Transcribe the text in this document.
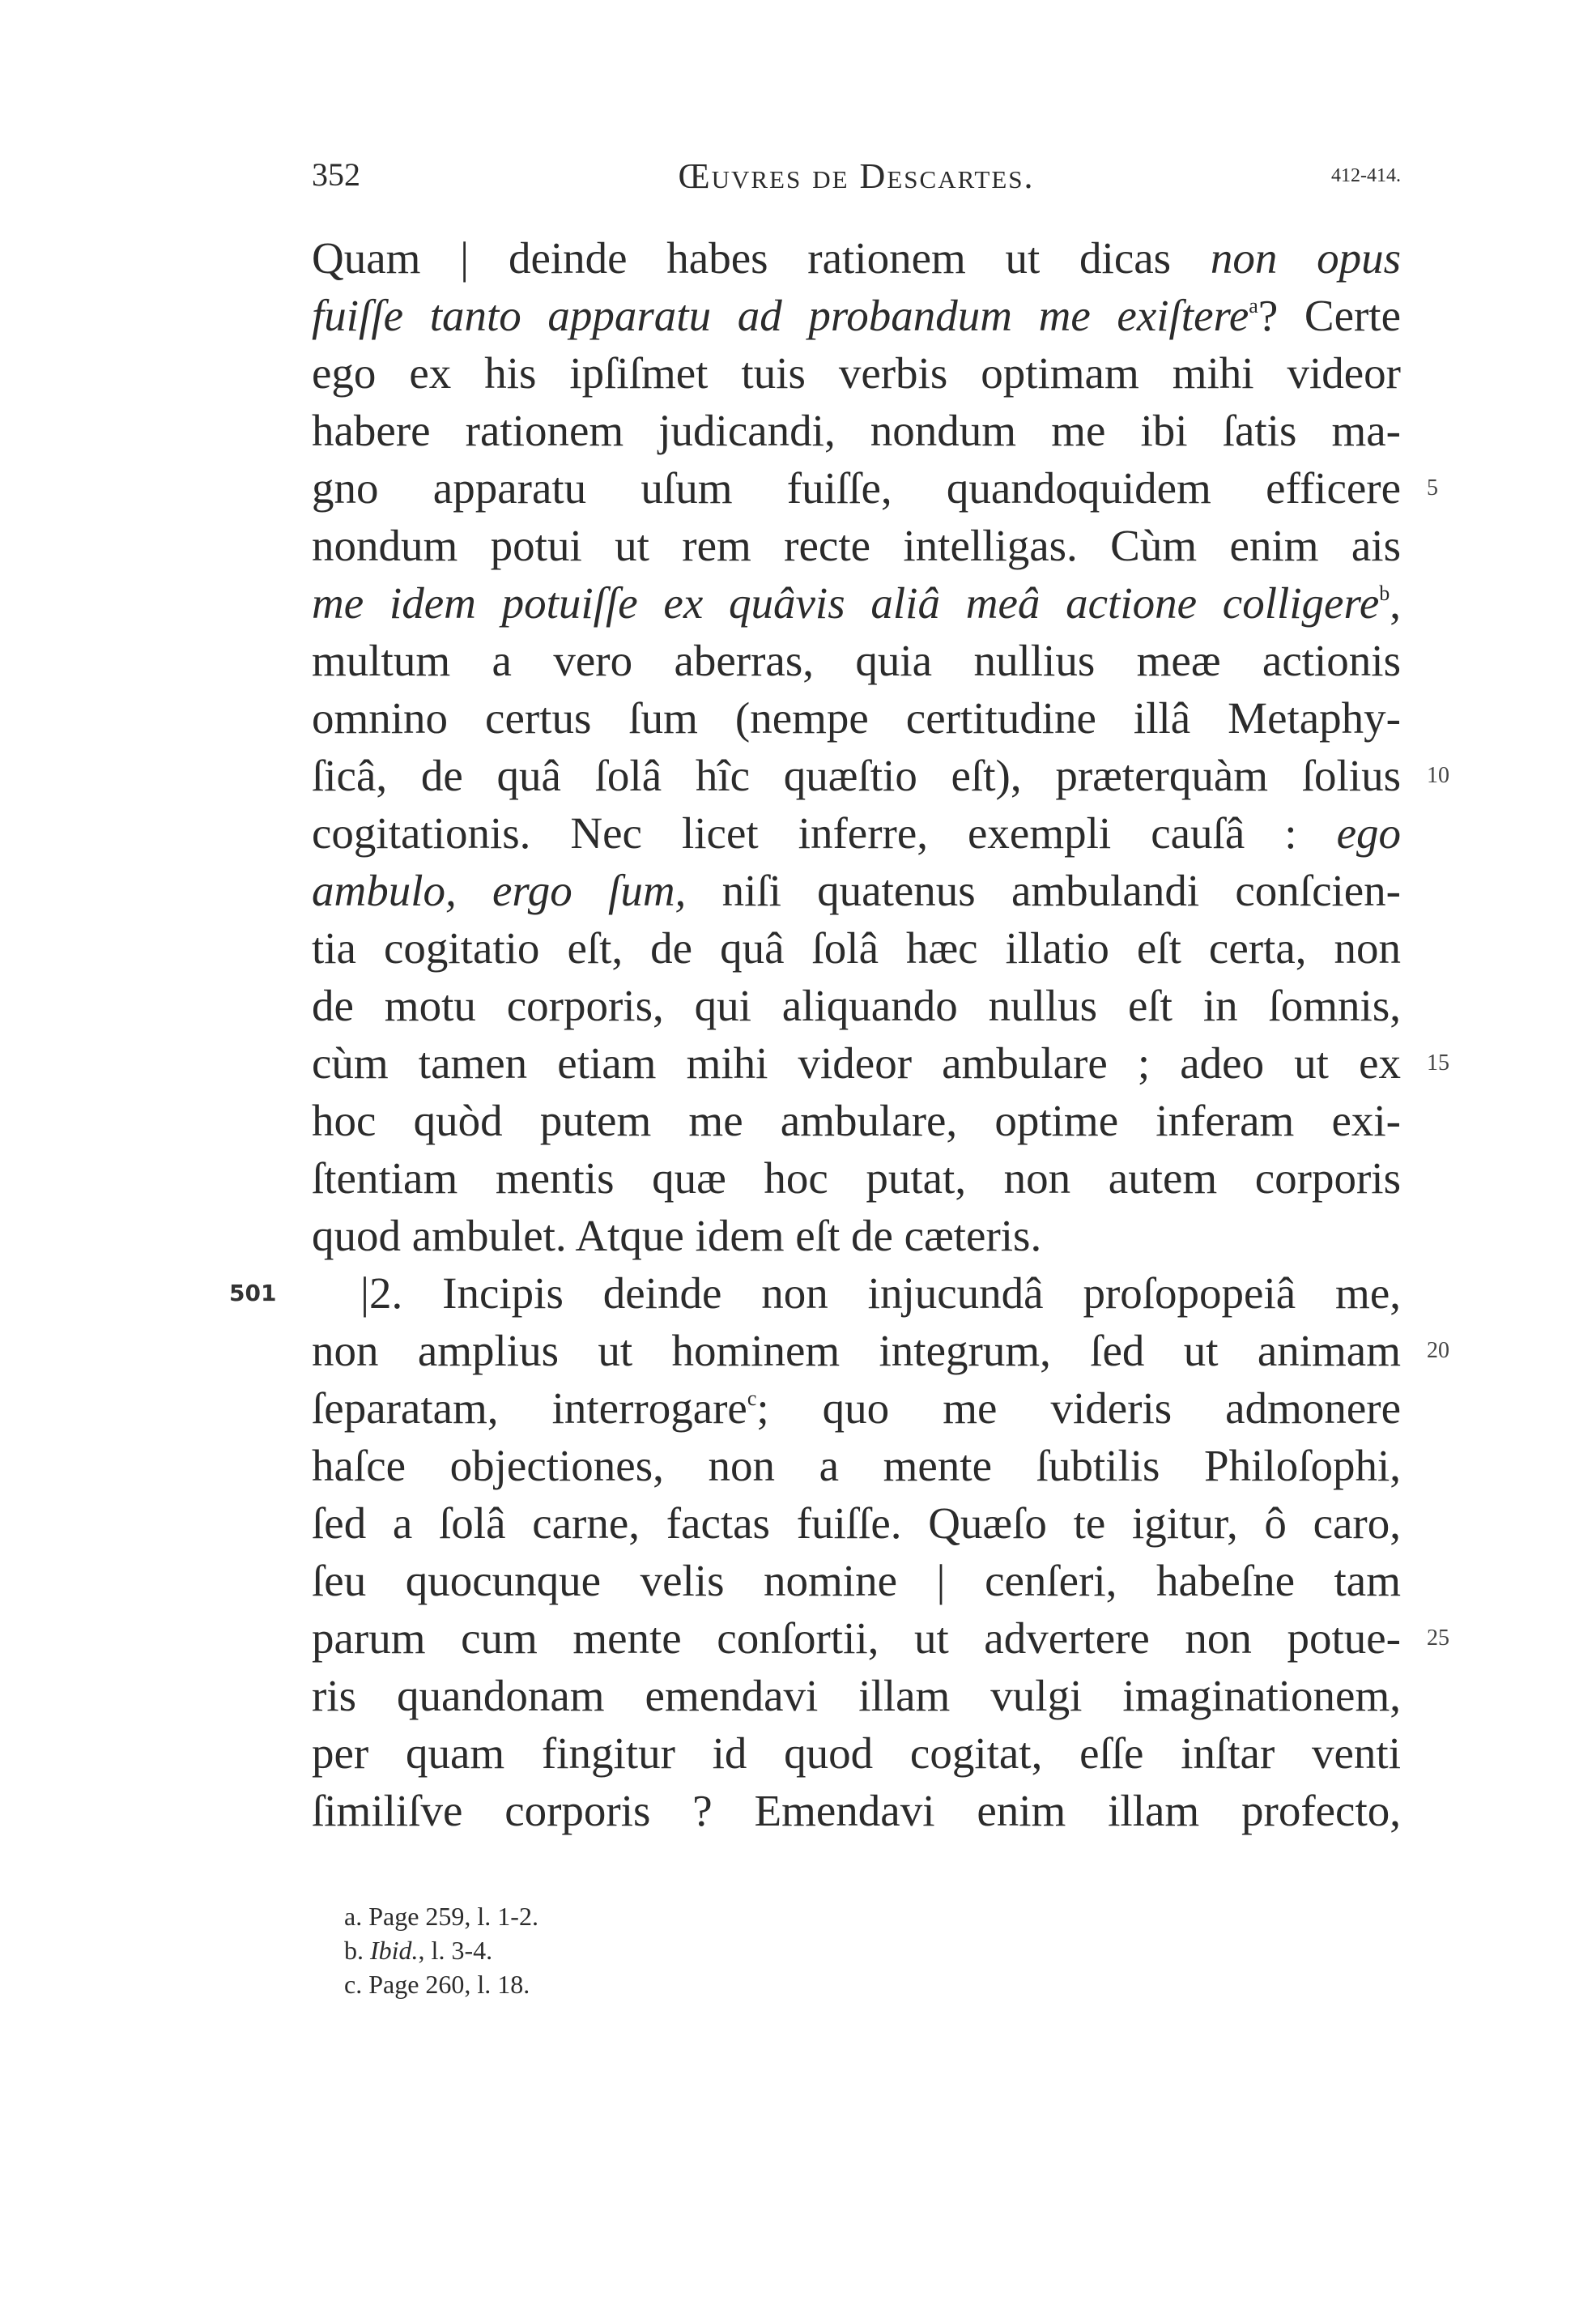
352	Œuvres de Descartes.	412-414.
Quam | deinde habes rationem ut dicas non opus
fuiſſe tanto apparatu ad probandum me exiſtere$^a$? Certe
ego ex his ipſiſmet tuis verbis optimam mihi videor
habere rationem judicandi, nondum me ibi ſatis ma-
gno apparatu uſum fuiſſe, quandoquidem efficere 5
nondum potui ut rem recte intelligas. Cùm enim ais
me idem potuiſſe ex quâvis aliâ meâ actione colligere$^b$,
multum a vero aberras, quia nullius meæ actionis
omnino certus ſum (nempe certitudine illâ Metaphy-
ſicâ, de quâ ſolâ hîc quæſtio eſt), præterquàm ſolius 10
cogitationis. Nec licet inferre, exempli cauſâ : ego
ambulo, ergo ſum, niſi quatenus ambulandi conſcien-
tia cogitatio eſt, de quâ ſolâ hæc illatio eſt certa, non
de motu corporis, qui aliquando nullus eſt in ſomnis,
cùm tamen etiam mihi videor ambulare ; adeo ut ex 15
hoc quòd putem me ambulare, optime inferam exi-
ſtentiam mentis quæ hoc putat, non autem corporis
quod ambulet. Atque idem eſt de cæteris.
501 |2. Incipis deinde non injucundâ proſopopeiâ me,
non amplius ut hominem integrum, ſed ut animam 20
ſeparatam, interrogare$^c$; quo me videris admonere
haſce objectiones, non a mente ſubtilis Philoſophi,
ſed a ſolâ carne, factas fuiſſe. Quæſo te igitur, ô caro,
ſeu quocunque velis nomine | cenſeri, habeſne tam
parum cum mente conſortii, ut advertere non potue- 25
ris quandonam emendavi illam vulgi imaginationem,
per quam fingitur id quod cogitat, eſſe inſtar venti
ſimiliſve corporis ? Emendavi enim illam profecto,
a. Page 259, l. 1-2.
b. Ibid., l. 3-4.
c. Page 260, l. 18.
